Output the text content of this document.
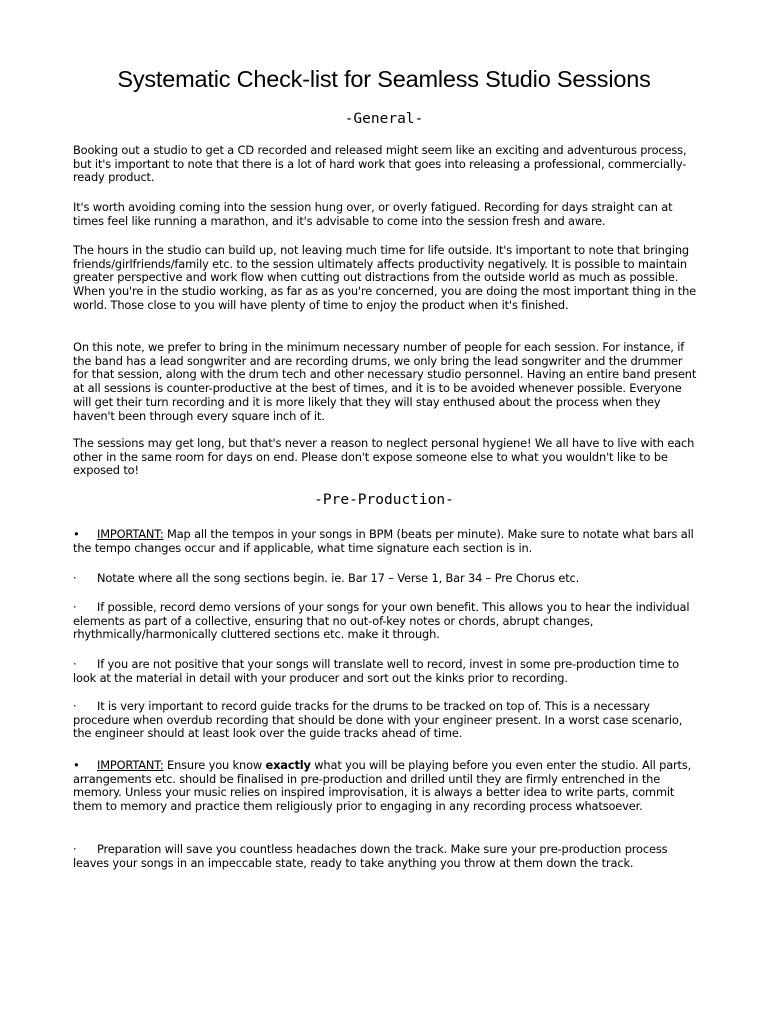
Systematic Check-list for Seamless Studio Sessions
-General-

Booking out a studio to get a CD recorded and released might seem like an exciting and adventurous process, but it's important to note that there is a lot of hard work that goes into releasing a professional, commercially-ready product.

It's worth avoiding coming into the session hung over, or overly fatigued. Recording for days straight can at times feel like running a marathon, and it's advisable to come into the session fresh and aware.

The hours in the studio can build up, not leaving much time for life outside. It's important to note that bringing friends/girlfriends/family etc. to the session ultimately affects productivity negatively. It is possible to maintain greater perspective and work flow when cutting out distractions from the outside world as much as possible. When you're in the studio working, as far as as you're concerned, you are doing the most important thing in the world. Those close to you will have plenty of time to enjoy the product when it's finished.

On this note, we prefer to bring in the minimum necessary number of people for each session. For instance, if the band has a lead songwriter and are recording drums, we only bring the lead songwriter and the drummer for that session, along with the drum tech and other necessary studio personnel. Having an entire band present at all sessions is counter-productive at the best of times, and it is to be avoided whenever possible. Everyone will get their turn recording and it is more likely that they will stay enthused about the process when they haven't been through every square inch of it.

The sessions may get long, but that's never a reason to neglect personal hygiene! We all have to live with each other in the same room for days on end. Please don't expose someone else to what you wouldn't like to be exposed to!

-Pre-Production-

• IMPORTANT: Map all the tempos in your songs in BPM (beats per minute). Make sure to notate what bars all the tempo changes occur and if applicable, what time signature each section is in.

· Notate where all the song sections begin. ie. Bar 17 – Verse 1, Bar 34 – Pre Chorus etc.

· If possible, record demo versions of your songs for your own benefit. This allows you to hear the individual elements as part of a collective, ensuring that no out-of-key notes or chords, abrupt changes, rhythmically/harmonically cluttered sections etc. make it through.

· If you are not positive that your songs will translate well to record, invest in some pre-production time to look at the material in detail with your producer and sort out the kinks prior to recording.

· It is very important to record guide tracks for the drums to be tracked on top of. This is a necessary procedure when overdub recording that should be done with your engineer present. In a worst case scenario, the engineer should at least look over the guide tracks ahead of time.

• IMPORTANT: Ensure you know exactly what you will be playing before you even enter the studio. All parts, arrangements etc. should be finalised in pre-production and drilled until they are firmly entrenched in the memory. Unless your music relies on inspired improvisation, it is always a better idea to write parts, commit them to memory and practice them religiously prior to engaging in any recording process whatsoever.

· Preparation will save you countless headaches down the track. Make sure your pre-production process leaves your songs in an impeccable state, ready to take anything you throw at them down the track.
